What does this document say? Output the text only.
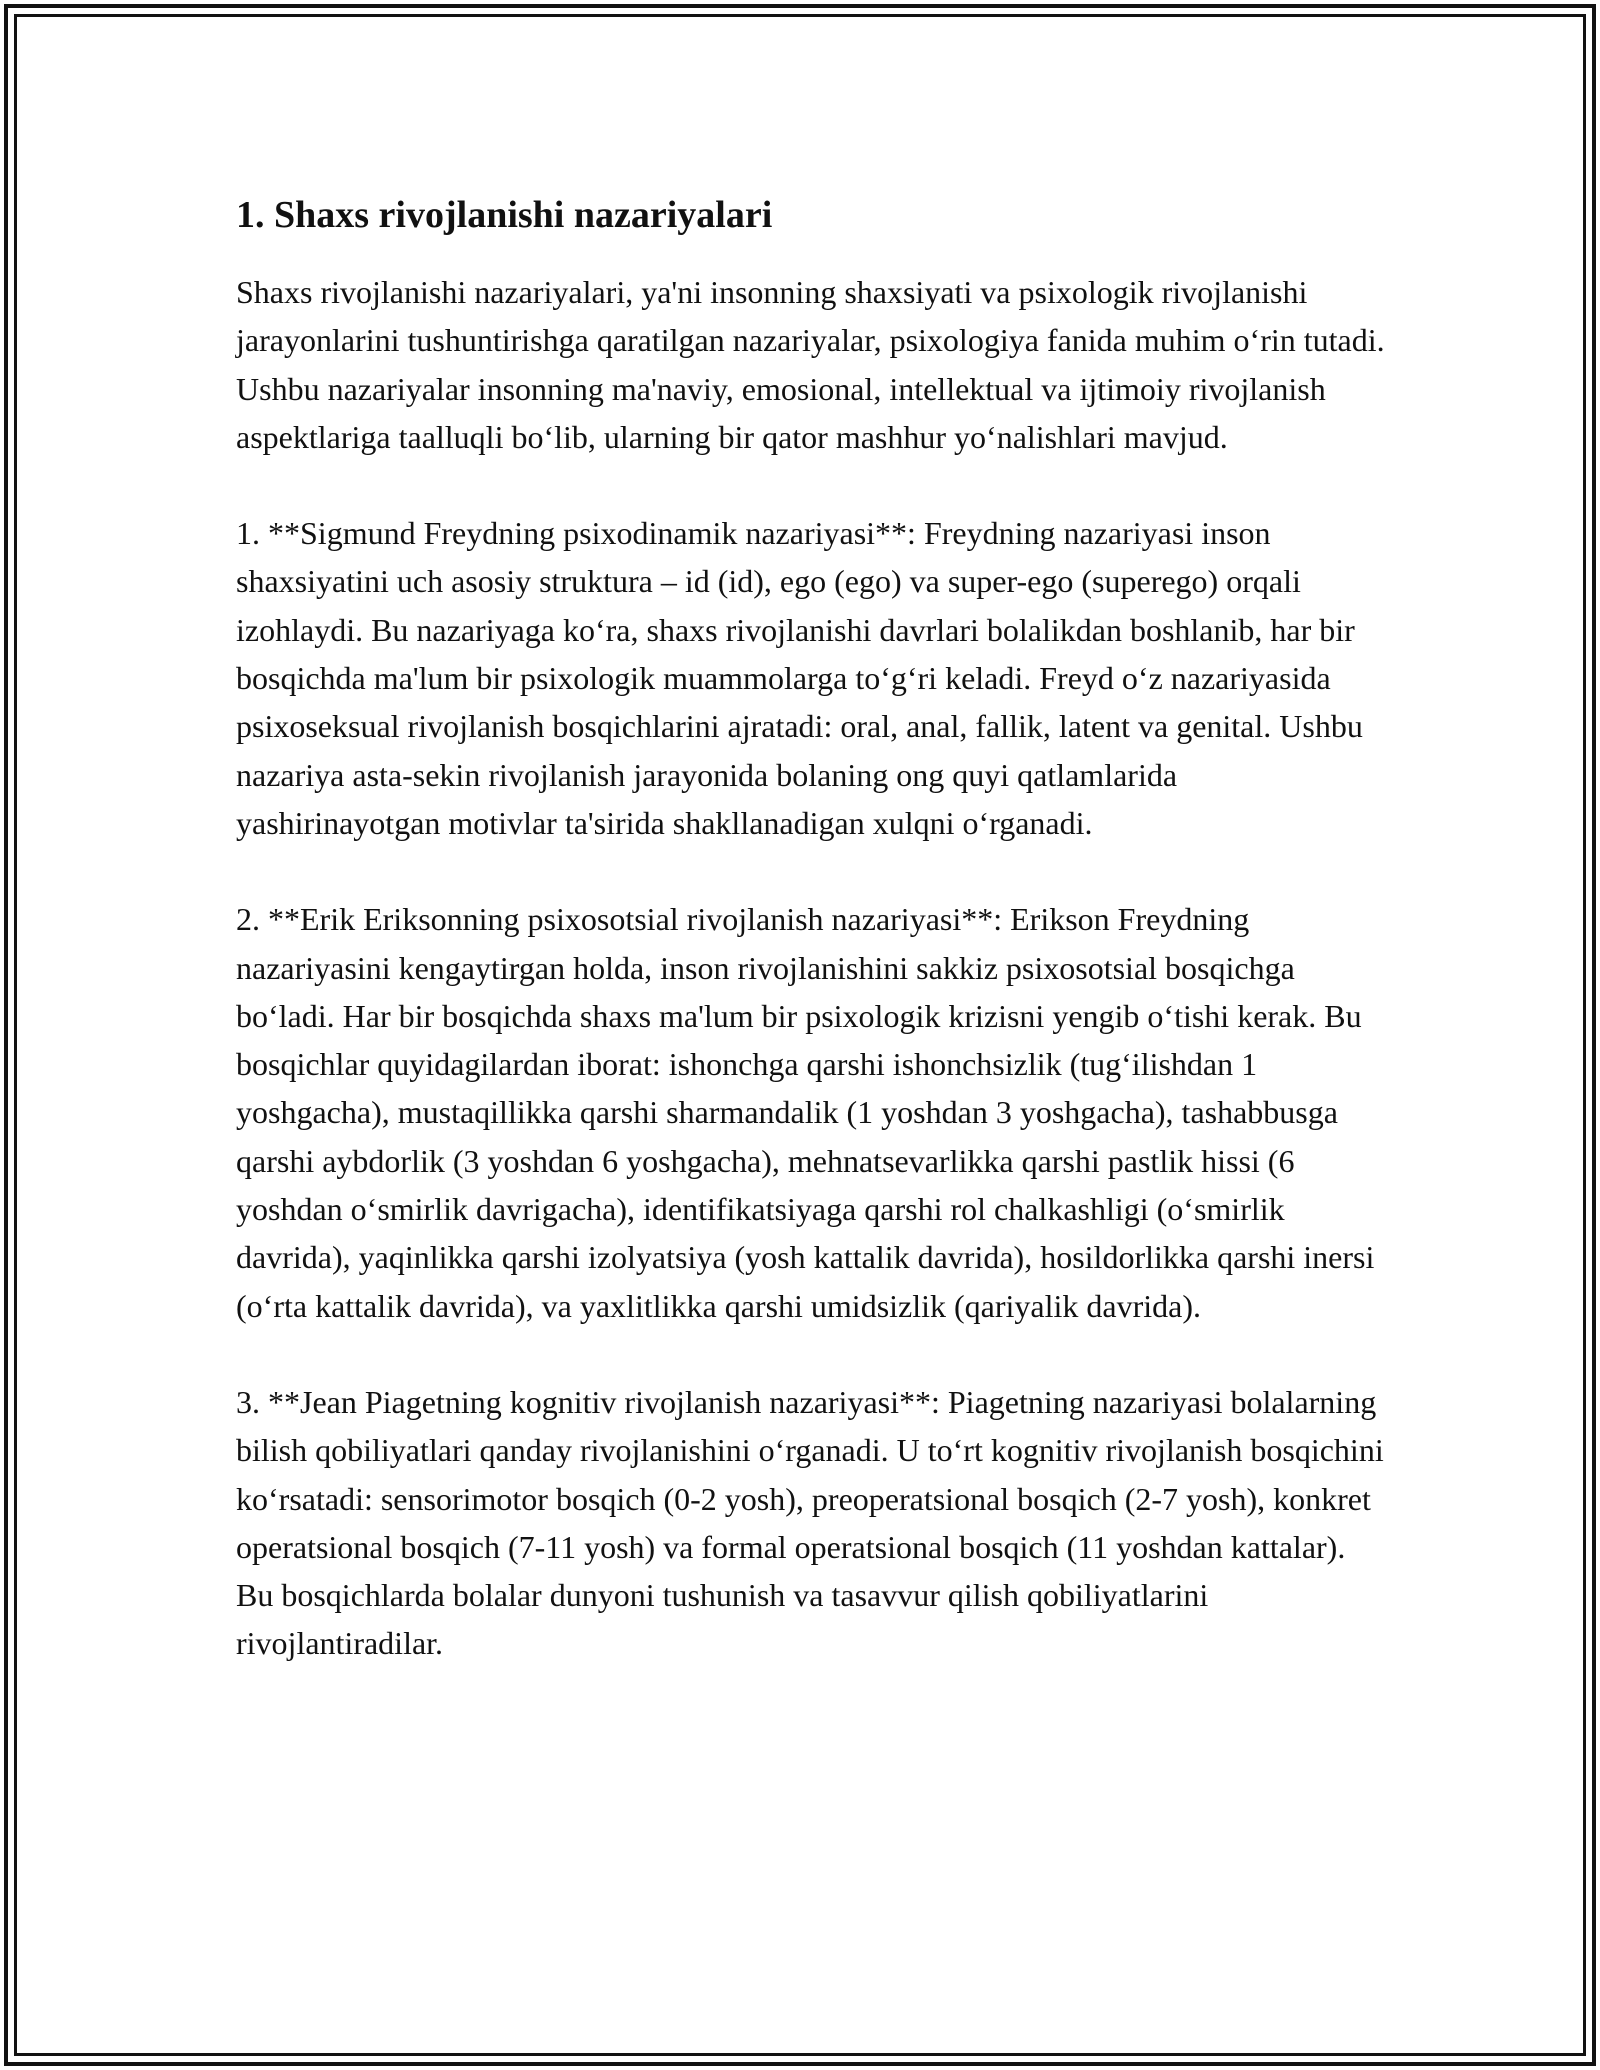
1. Shaxs rivojlanishi nazariyalari

Shaxs rivojlanishi nazariyalari, ya'ni insonning shaxsiyati va psixologik rivojlanishi jarayonlarini tushuntirishga qaratilgan nazariyalar, psixologiya fanida muhim o‘rin tutadi. Ushbu nazariyalar insonning ma'naviy, emosional, intellektual va ijtimoiy rivojlanish aspektlariga taalluqli bo‘lib, ularning bir qator mashhur yo‘nalishlari mavjud.

1. **Sigmund Freydning psixodinamik nazariyasi**: Freydning nazariyasi inson shaxsiyatini uch asosiy struktura – id (id), ego (ego) va super-ego (superego) orqali izohlaydi. Bu nazariyaga ko‘ra, shaxs rivojlanishi davrlari bolalikdan boshlanib, har bir bosqichda ma'lum bir psixologik muammolarga to‘g‘ri keladi. Freyd o‘z nazariyasida psixoseksual rivojlanish bosqichlarini ajratadi: oral, anal, fallik, latent va genital. Ushbu nazariya asta-sekin rivojlanish jarayonida bolaning ong quyi qatlamlarida yashirinayotgan motivlar ta'sirida shakllanadigan xulqni o‘rganadi.

2. **Erik Eriksonning psixosotsial rivojlanish nazariyasi**: Erikson Freydning nazariyasini kengaytirgan holda, inson rivojlanishini sakkiz psixosotsial bosqichga bo‘ladi. Har bir bosqichda shaxs ma'lum bir psixologik krizisni yengib o‘tishi kerak. Bu bosqichlar quyidagilardan iborat: ishonchga qarshi ishonchsizlik (tug‘ilishdan 1 yoshgacha), mustaqillikka qarshi sharmandalik (1 yoshdan 3 yoshgacha), tashabbusga qarshi aybdorlik (3 yoshdan 6 yoshgacha), mehnatsevarlikka qarshi pastlik hissi (6 yoshdan o‘smirlik davrigacha), identifikatsiyaga qarshi rol chalkashligi (o‘smirlik davrida), yaqinlikka qarshi izolyatsiya (yosh kattalik davrida), hosildorlikka qarshi inersi (o‘rta kattalik davrida), va yaxlitlikka qarshi umidsizlik (qariyalik davrida).

3. **Jean Piagetning kognitiv rivojlanish nazariyasi**: Piagetning nazariyasi bolalarning bilish qobiliyatlari qanday rivojlanishini o‘rganadi. U to‘rt kognitiv rivojlanish bosqichini ko‘rsatadi: sensorimotor bosqich (0-2 yosh), preoperatsional bosqich (2-7 yosh), konkret operatsional bosqich (7-11 yosh) va formal operatsional bosqich (11 yoshdan kattalar). Bu bosqichlarda bolalar dunyoni tushunish va tasavvur qilish qobiliyatlarini rivojlantiradilar.
